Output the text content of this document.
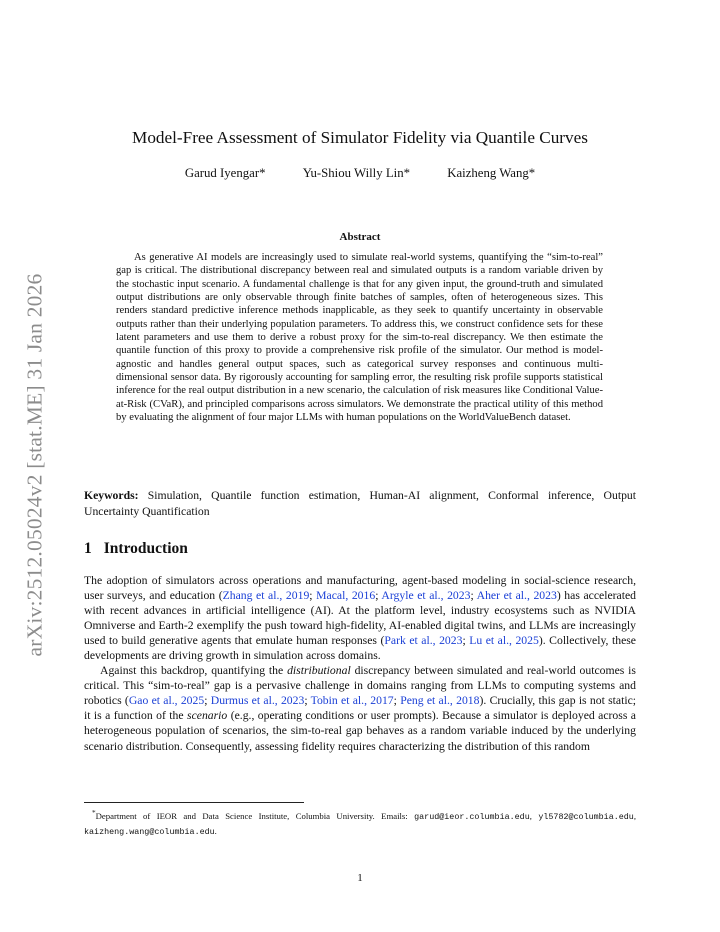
arXiv:2512.05024v2 [stat.ME] 31 Jan 2026
Model-Free Assessment of Simulator Fidelity via Quantile Curves
Garud Iyengar*	Yu-Shiou Willy Lin*	Kaizheng Wang*
Abstract

As generative AI models are increasingly used to simulate real-world systems, quantifying the “sim-to-real” gap is critical. The distributional discrepancy between real and simulated outputs is a random variable driven by the stochastic input scenario. A fundamental challenge is that for any given input, the ground-truth and simulated output distributions are only observable through finite batches of samples, often of heterogeneous sizes. This renders standard predictive inference methods inapplicable, as they seek to quantify uncertainty in observable outputs rather than their underlying population parameters. To address this, we construct confidence sets for these latent parameters and use them to derive a robust proxy for the sim-to-real discrepancy. We then estimate the quantile function of this proxy to provide a comprehensive risk profile of the simulator. Our method is model-agnostic and handles general output spaces, such as categorical survey responses and continuous multi-dimensional sensor data. By rigorously accounting for sampling error, the resulting risk profile supports statistical inference for the real output distribution in a new scenario, the calculation of risk measures like Conditional Value-at-Risk (CVaR), and principled comparisons across simulators. We demonstrate the practical utility of this method by evaluating the alignment of four major LLMs with human populations on the WorldValueBench dataset.

Keywords: Simulation, Quantile function estimation, Human-AI alignment, Conformal inference, Output Uncertainty Quantification

1 Introduction

The adoption of simulators across operations and manufacturing, agent-based modeling in social-science research, user surveys, and education (Zhang et al., 2019; Macal, 2016; Argyle et al., 2023; Aher et al., 2023) has accelerated with recent advances in artificial intelligence (AI). At the platform level, industry ecosystems such as NVIDIA Omniverse and Earth-2 exemplify the push toward high-fidelity, AI-enabled digital twins, and LLMs are increasingly used to build generative agents that emulate human responses (Park et al., 2023; Lu et al., 2025). Collectively, these developments are driving growth in simulation across domains.

Against this backdrop, quantifying the distributional discrepancy between simulated and real-world outcomes is critical. This “sim-to-real” gap is a pervasive challenge in domains ranging from LLMs to computing systems and robotics (Gao et al., 2025; Durmus et al., 2023; Tobin et al., 2017; Peng et al., 2018). Crucially, this gap is not static; it is a function of the scenario (e.g., operating conditions or user prompts). Because a simulator is deployed across a heterogeneous population of scenarios, the sim-to-real gap behaves as a random variable induced by the underlying scenario distribution. Consequently, assessing fidelity requires characterizing the distribution of this random

*Department of IEOR and Data Science Institute, Columbia University. Emails: garud@ieor.columbia.edu, yl5782@columbia.edu, kaizheng.wang@columbia.edu.

1
